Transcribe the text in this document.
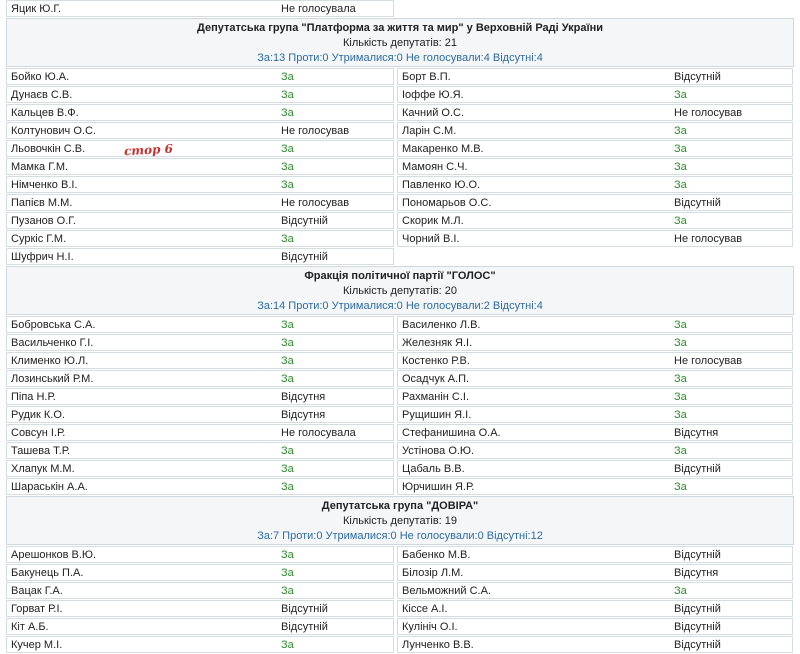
Яцик Ю.Г.	Не голосувала
Депутатська група "Платформа за життя та мир" у Верховній Раді України
Кількість депутатів: 21
За:13 Проти:0 Утрималися:0 Не голосували:4 Відсутні:4
Бойко Ю.А.	За	Борт В.П.	Відсутній
Дунаєв С.В.	За	Іоффе Ю.Я.	За
Кальцев В.Ф.	За	Качний О.С.	Не голосував
Колтунович О.С.	Не голосував	Ларін С.М.	За
Льовочкін С.В.	За	Макаренко М.В.	За
Мамка Г.М.	За	Мамоян С.Ч.	За
Німченко В.І.	За	Павленко Ю.О.	За
Папієв М.М.	Не голосував	Пономарьов О.С.	Відсутній
Пузанов О.Г.	Відсутній	Скорик М.Л.	За
Суркіс Г.М.	За	Чорний В.І.	Не голосував
Шуфрич Н.І.	Відсутній
Фракція політичної партії "ГОЛОС"
Кількість депутатів: 20
За:14 Проти:0 Утрималися:0 Не голосували:2 Відсутні:4
Бобровська С.А.	За	Василенко Л.В.	За
Васильченко Г.І.	За	Железняк Я.І.	За
Клименко Ю.Л.	За	Костенко Р.В.	Не голосував
Лозинський Р.М.	За	Осадчук А.П.	За
Піпа Н.Р.	Відсутня	Рахманін С.І.	За
Рудик К.О.	Відсутня	Рущишин Я.І.	За
Совсун І.Р.	Не голосувала	Стефанишина О.А.	Відсутня
Ташева Т.Р.	За	Устінова О.Ю.	За
Хлапук М.М.	За	Цабаль В.В.	Відсутній
Шараськін А.А.	За	Юрчишин Я.Р.	За
Депутатська група "ДОВІРА"
Кількість депутатів: 19
За:7 Проти:0 Утрималися:0 Не голосували:0 Відсутні:12
Арешонков В.Ю.	За	Бабенко М.В.	Відсутній
Бакунець П.А.	За	Білозір Л.М.	Відсутня
Вацак Г.А.	За	Вельможний С.А.	За
Горват Р.І.	Відсутній	Кіссе А.І.	Відсутній
Кіт А.Б.	Відсутній	Кулініч О.І.	Відсутній
Кучер М.І.	За	Лунченко В.В.	Відсутній
стор 6
